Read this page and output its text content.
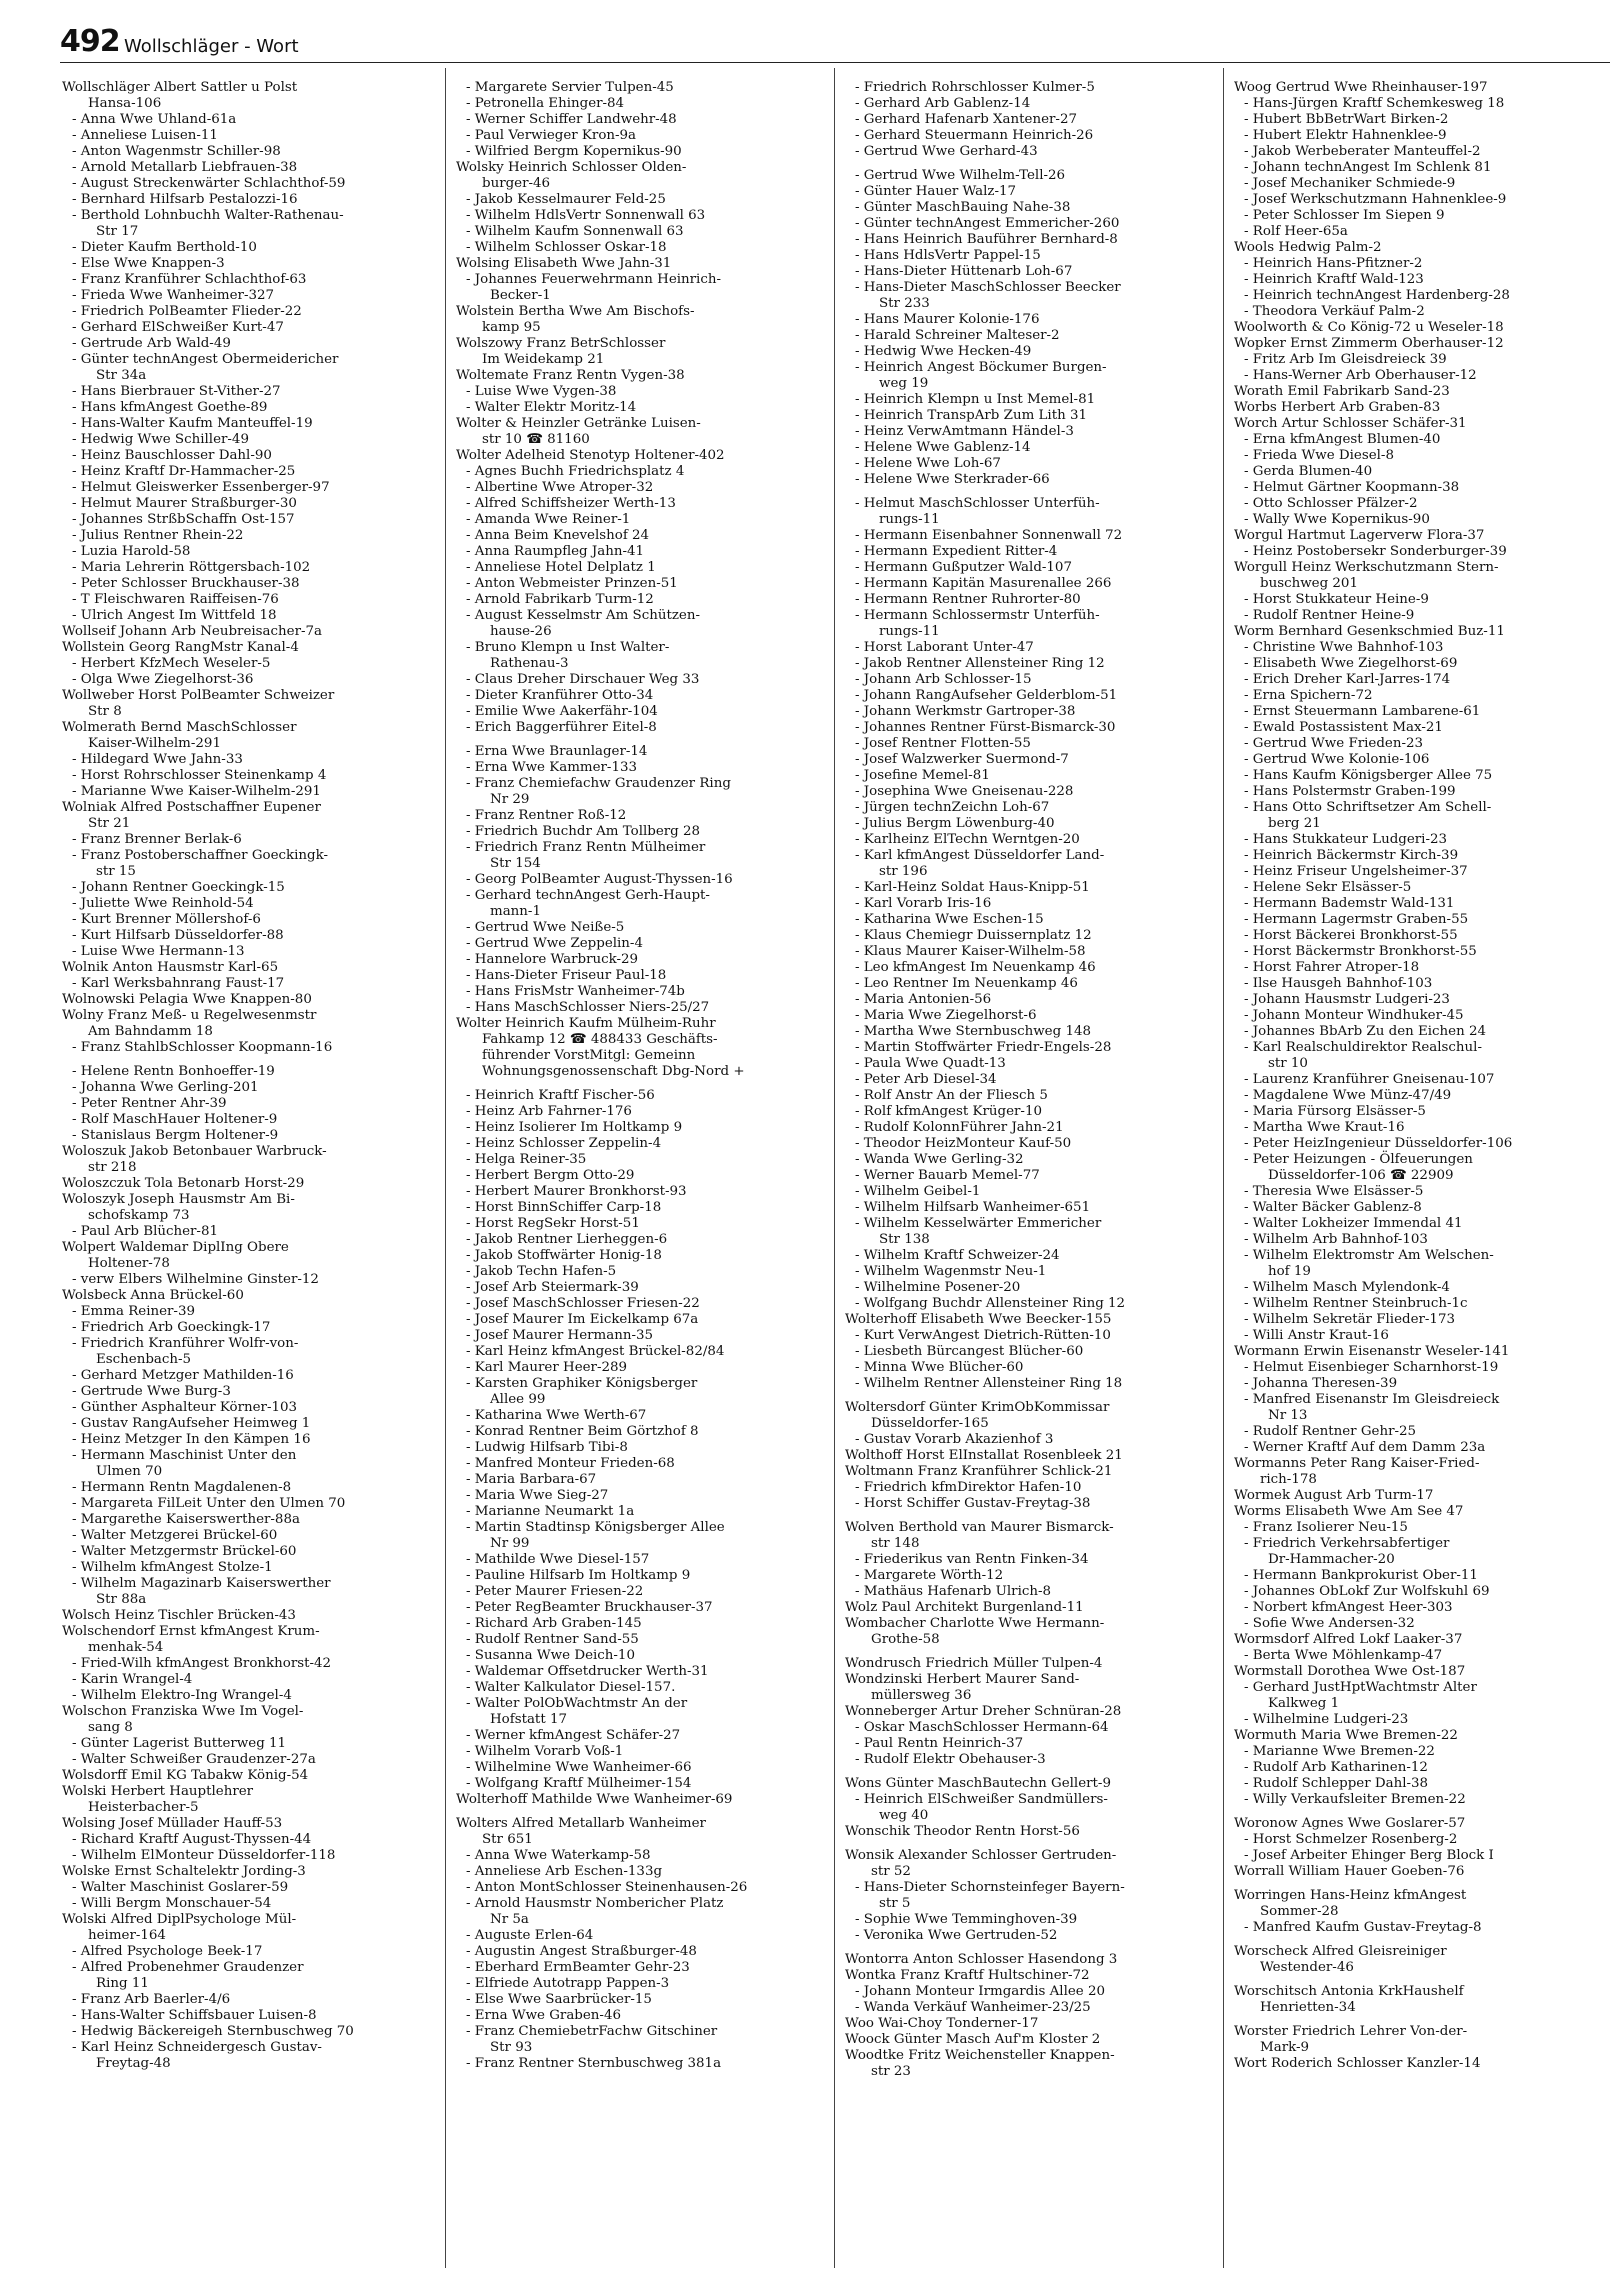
492 Wollschläger - Wort
Wollschläger Albert Sattler u Polst
Hansa-106
- Anna Wwe Uhland-61a
- Anneliese Luisen-11
- Anton Wagenmstr Schiller-98
- Arnold Metallarb Liebfrauen-38
- August Streckenwärter Schlachthof-59
- Bernhard Hilfsarb Pestalozzi-16
- Berthold Lohnbuchh Walter-Rathenau-
Str 17
- Dieter Kaufm Berthold-10
- Else Wwe Knappen-3
- Franz Kranführer Schlachthof-63
- Frieda Wwe Wanheimer-327
- Friedrich PolBeamter Flieder-22
- Gerhard ElSchweißer Kurt-47
- Gertrude Arb Wald-49
- Günter technAngest Obermeidericher
Str 34a
- Hans Bierbrauer St-Vither-27
- Hans kfmAngest Goethe-89
- Hans-Walter Kaufm Manteuffel-19
- Hedwig Wwe Schiller-49
- Heinz Bauschlosser Dahl-90
- Heinz Kraftf Dr-Hammacher-25
- Helmut Gleiswerker Essenberger-97
- Helmut Maurer Straßburger-30
- Johannes StrßbSchaffn Ost-157
- Julius Rentner Rhein-22
- Luzia Harold-58
- Maria Lehrerin Röttgersbach-102
- Peter Schlosser Bruckhauser-38
- T Fleischwaren Raiffeisen-76
- Ulrich Angest Im Wittfeld 18
Wollseif Johann Arb Neubreisacher-7a
Wollstein Georg RangMstr Kanal-4
- Herbert KfzMech Weseler-5
- Olga Wwe Ziegelhorst-36
Wollweber Horst PolBeamter Schweizer
Str 8
Wolmerath Bernd MaschSchlosser
Kaiser-Wilhelm-291
- Hildegard Wwe Jahn-33
- Horst Rohrschlosser Steinenkamp 4
- Marianne Wwe Kaiser-Wilhelm-291
Wolniak Alfred Postschaffner Eupener
Str 21
- Franz Brenner Berlak-6
- Franz Postoberschaffner Goeckingk-
str 15
- Johann Rentner Goeckingk-15
- Juliette Wwe Reinhold-54
- Kurt Brenner Möllershof-6
- Kurt Hilfsarb Düsseldorfer-88
- Luise Wwe Hermann-13
Wolnik Anton Hausmstr Karl-65
- Karl Werksbahnrang Faust-17
Wolnowski Pelagia Wwe Knappen-80
Wolny Franz Meß- u Regelwesenmstr
Am Bahndamm 18
- Franz StahlbSchlosser Koopmann-16
- Helene Rentn Bonhoeffer-19
- Johanna Wwe Gerling-201
- Peter Rentner Ahr-39
- Rolf MaschHauer Holtener-9
- Stanislaus Bergm Holtener-9
Woloszuk Jakob Betonbauer Warbruck-
str 218
Woloszczuk Tola Betonarb Horst-29
Woloszyk Joseph Hausmstr Am Bi-
schofskamp 73
- Paul Arb Blücher-81
Wolpert Waldemar DiplIng Obere
Holtener-78
- verw Elbers Wilhelmine Ginster-12
Wolsbeck Anna Brückel-60
- Emma Reiner-39
- Friedrich Arb Goeckingk-17
- Friedrich Kranführer Wolfr-von-
Eschenbach-5
- Gerhard Metzger Mathilden-16
- Gertrude Wwe Burg-3
- Günther Asphalteur Körner-103
- Gustav RangAufseher Heimweg 1
- Heinz Metzger In den Kämpen 16
- Hermann Maschinist Unter den
Ulmen 70
- Hermann Rentn Magdalenen-8
- Margareta FilLeit Unter den Ulmen 70
- Margarethe Kaiserswerther-88a
- Walter Metzgerei Brückel-60
- Walter Metzgermstr Brückel-60
- Wilhelm kfmAngest Stolze-1
- Wilhelm Magazinarb Kaiserswerther
Str 88a
Wolsch Heinz Tischler Brücken-43
Wolschendorf Ernst kfmAngest Krum-
menhak-54
- Fried-Wilh kfmAngest Bronkhorst-42
- Karin Wrangel-4
- Wilhelm Elektro-Ing Wrangel-4
Wolschon Franziska Wwe Im Vogel-
sang 8
- Günter Lagerist Butterweg 11
- Walter Schweißer Graudenzer-27a
Wolsdorff Emil KG Tabakw König-54
Wolski Herbert Hauptlehrer
Heisterbacher-5
Wolsing Josef Müllader Hauff-53
- Richard Kraftf August-Thyssen-44
- Wilhelm ElMonteur Düsseldorfer-118
Wolske Ernst Schaltelektr Jording-3
- Walter Maschinist Goslarer-59
- Willi Bergm Monschauer-54
Wolski Alfred DiplPsychologe Mül-
heimer-164
- Alfred Psychologe Beek-17
- Alfred Probenehmer Graudenzer
Ring 11
- Franz Arb Baerler-4/6
- Hans-Walter Schiffsbauer Luisen-8
- Hedwig Bäckereigeh Sternbuschweg 70
- Karl Heinz Schneidergesch Gustav-
Freytag-48
- Margarete Servier Tulpen-45
- Petronella Ehinger-84
- Werner Schiffer Landwehr-48
- Paul Verwieger Kron-9a
- Wilfried Bergm Kopernikus-90
Wolsky Heinrich Schlosser Olden-
burger-46
- Jakob Kesselmaurer Feld-25
- Wilhelm HdlsVertr Sonnenwall 63
- Wilhelm Kaufm Sonnenwall 63
- Wilhelm Schlosser Oskar-18
Wolsing Elisabeth Wwe Jahn-31
- Johannes Feuerwehrmann Heinrich-
Becker-1
Wolstein Bertha Wwe Am Bischofs-
kamp 95
Wolszowy Franz BetrSchlosser
Im Weidekamp 21
Woltemate Franz Rentn Vygen-38
- Luise Wwe Vygen-38
- Walter Elektr Moritz-14
Wolter & Heinzler Getränke Luisen-
str 10 ☎ 81160
Wolter Adelheid Stenotyp Holtener-402
- Agnes Buchh Friedrichsplatz 4
- Albertine Wwe Atroper-32
- Alfred Schiffsheizer Werth-13
- Amanda Wwe Reiner-1
- Anna Beim Knevelshof 24
- Anna Raumpfleg Jahn-41
- Anneliese Hotel Delplatz 1
- Anton Webmeister Prinzen-51
- Arnold Fabrikarb Turm-12
- August Kesselmstr Am Schützen-
hause-26
- Bruno Klempn u Inst Walter-
Rathenau-3
- Claus Dreher Dirschauer Weg 33
- Dieter Kranführer Otto-34
- Emilie Wwe Aakerfähr-104
- Erich Baggerführer Eitel-8
- Erna Wwe Braunlager-14
- Erna Wwe Kammer-133
- Franz Chemiefachw Graudenzer Ring
Nr 29
- Franz Rentner Roß-12
- Friedrich Buchdr Am Tollberg 28
- Friedrich Franz Rentn Mülheimer
Str 154
- Georg PolBeamter August-Thyssen-16
- Gerhard technAngest Gerh-Haupt-
mann-1
- Gertrud Wwe Neiße-5
- Gertrud Wwe Zeppelin-4
- Hannelore Warbruck-29
- Hans-Dieter Friseur Paul-18
- Hans FrisMstr Wanheimer-74b
- Hans MaschSchlosser Niers-25/27
Wolter Heinrich Kaufm Mülheim-Ruhr
Fahkamp 12 ☎ 488433 Geschäfts-
führender VorstMitgl: Gemeinn
Wohnungsgenossenschaft Dbg-Nord +
- Heinrich Kraftf Fischer-56
- Heinz Arb Fahrner-176
- Heinz Isolierer Im Holtkamp 9
- Heinz Schlosser Zeppelin-4
- Helga Reiner-35
- Herbert Bergm Otto-29
- Herbert Maurer Bronkhorst-93
- Horst BinnSchiffer Carp-18
- Horst RegSekr Horst-51
- Jakob Rentner Lierheggen-6
- Jakob Stoffwärter Honig-18
- Jakob Techn Hafen-5
- Josef Arb Steiermark-39
- Josef MaschSchlosser Friesen-22
- Josef Maurer Im Eickelkamp 67a
- Josef Maurer Hermann-35
- Karl Heinz kfmAngest Brückel-82/84
- Karl Maurer Heer-289
- Karsten Graphiker Königsberger
Allee 99
- Katharina Wwe Werth-67
- Konrad Rentner Beim Görtzhof 8
- Ludwig Hilfsarb Tibi-8
- Manfred Monteur Frieden-68
- Maria Barbara-67
- Maria Wwe Sieg-27
- Marianne Neumarkt 1a
- Martin Stadtinsp Königsberger Allee
Nr 99
- Mathilde Wwe Diesel-157
- Pauline Hilfsarb Im Holtkamp 9
- Peter Maurer Friesen-22
- Peter RegBeamter Bruckhauser-37
- Richard Arb Graben-145
- Rudolf Rentner Sand-55
- Susanna Wwe Deich-10
- Waldemar Offsetdrucker Werth-31
- Walter Kalkulator Diesel-157.
- Walter PolObWachtmstr An der
Hofstatt 17
- Werner kfmAngest Schäfer-27
- Wilhelm Vorarb Voß-1
- Wilhelmine Wwe Wanheimer-66
- Wolfgang Kraftf Mülheimer-154
Wolterhoff Mathilde Wwe Wanheimer-69
Wolters Alfred Metallarb Wanheimer
Str 651
- Anna Wwe Waterkamp-58
- Anneliese Arb Eschen-133g
- Anton MontSchlosser Steinenhausen-26
- Arnold Hausmstr Nombericher Platz
Nr 5a
- Auguste Erlen-64
- Augustin Angest Straßburger-48
- Eberhard ErmBeamter Gehr-23
- Elfriede Autotrapp Pappen-3
- Else Wwe Saarbrücker-15
- Erna Wwe Graben-46
- Franz ChemiebetrFachw Gitschiner
Str 93
- Franz Rentner Sternbuschweg 381a
- Friedrich Rohrschlosser Kulmer-5
- Gerhard Arb Gablenz-14
- Gerhard Hafenarb Xantener-27
- Gerhard Steuermann Heinrich-26
- Gertrud Wwe Gerhard-43
- Gertrud Wwe Wilhelm-Tell-26
- Günter Hauer Walz-17
- Günter MaschBauing Nahe-38
- Günter technAngest Emmericher-260
- Hans Heinrich Bauführer Bernhard-8
- Hans HdlsVertr Pappel-15
- Hans-Dieter Hüttenarb Loh-67
- Hans-Dieter MaschSchlosser Beecker
Str 233
- Hans Maurer Kolonie-176
- Harald Schreiner Malteser-2
- Hedwig Wwe Hecken-49
- Heinrich Angest Böckumer Burgen-
weg 19
- Heinrich Klempn u Inst Memel-81
- Heinrich TranspArb Zum Lith 31
- Heinz VerwAmtmann Händel-3
- Helene Wwe Gablenz-14
- Helene Wwe Loh-67
- Helene Wwe Sterkrader-66
- Helmut MaschSchlosser Unterfüh-
rungs-11
- Hermann Eisenbahner Sonnenwall 72
- Hermann Expedient Ritter-4
- Hermann Gußputzer Wald-107
- Hermann Kapitän Masurenallee 266
- Hermann Rentner Ruhrorter-80
- Hermann Schlossermstr Unterfüh-
rungs-11
- Horst Laborant Unter-47
- Jakob Rentner Allensteiner Ring 12
- Johann Arb Schlosser-15
- Johann RangAufseher Gelderblom-51
- Johann Werkmstr Gartroper-38
- Johannes Rentner Fürst-Bismarck-30
- Josef Rentner Flotten-55
- Josef Walzwerker Suermond-7
- Josefine Memel-81
- Josephina Wwe Gneisenau-228
- Jürgen technZeichn Loh-67
- Julius Bergm Löwenburg-40
- Karlheinz ElTechn Werntgen-20
- Karl kfmAngest Düsseldorfer Land-
str 196
- Karl-Heinz Soldat Haus-Knipp-51
- Karl Vorarb Iris-16
- Katharina Wwe Eschen-15
- Klaus Chemiegr Duissernplatz 12
- Klaus Maurer Kaiser-Wilhelm-58
- Leo kfmAngest Im Neuenkamp 46
- Leo Rentner Im Neuenkamp 46
- Maria Antonien-56
- Maria Wwe Ziegelhorst-6
- Martha Wwe Sternbuschweg 148
- Martin Stoffwärter Friedr-Engels-28
- Paula Wwe Quadt-13
- Peter Arb Diesel-34
- Rolf Anstr An der Fliesch 5
- Rolf kfmAngest Krüger-10
- Rudolf KolonnFührer Jahn-21
- Theodor HeizMonteur Kauf-50
- Wanda Wwe Gerling-32
- Werner Bauarb Memel-77
- Wilhelm Geibel-1
- Wilhelm Hilfsarb Wanheimer-651
- Wilhelm Kesselwärter Emmericher
Str 138
- Wilhelm Kraftf Schweizer-24
- Wilhelm Wagenmstr Neu-1
- Wilhelmine Posener-20
- Wolfgang Buchdr Allensteiner Ring 12
Wolterhoff Elisabeth Wwe Beecker-155
- Kurt VerwAngest Dietrich-Rütten-10
- Liesbeth Bürcangest Blücher-60
- Minna Wwe Blücher-60
- Wilhelm Rentner Allensteiner Ring 18
Woltersdorf Günter KrimObKommissar
Düsseldorfer-165
- Gustav Vorarb Akazienhof 3
Wolthoff Horst ElInstallat Rosenbleek 21
Woltmann Franz Kranführer Schlick-21
- Friedrich kfmDirektor Hafen-10
- Horst Schiffer Gustav-Freytag-38
Wolven Berthold van Maurer Bismarck-
str 148
- Friederikus van Rentn Finken-34
- Margarete Wörth-12
- Mathäus Hafenarb Ulrich-8
Wolz Paul Architekt Burgenland-11
Wombacher Charlotte Wwe Hermann-
Grothe-58
Wondrusch Friedrich Müller Tulpen-4
Wondzinski Herbert Maurer Sand-
müllersweg 36
Wonneberger Artur Dreher Schnüran-28
- Oskar MaschSchlosser Hermann-64
- Paul Rentn Heinrich-37
- Rudolf Elektr Obehauser-3
Wons Günter MaschBautechn Gellert-9
- Heinrich ElSchweißer Sandmüllers-
weg 40
Wonschik Theodor Rentn Horst-56
Wonsik Alexander Schlosser Gertruden-
str 52
- Hans-Dieter Schornsteinfeger Bayern-
str 5
- Sophie Wwe Temminghoven-39
- Veronika Wwe Gertruden-52
Wontorra Anton Schlosser Hasendong 3
Wontka Franz Kraftf Hultschiner-72
- Johann Monteur Irmgardis Allee 20
- Wanda Verkäuf Wanheimer-23/25
Woo Wai-Choy Tonderner-17
Woock Günter Masch Auf'm Kloster 2
Woodtke Fritz Weichensteller Knappen-
str 23
Woog Gertrud Wwe Rheinhauser-197
- Hans-Jürgen Kraftf Schemkesweg 18
- Hubert BbBetrWart Birken-2
- Hubert Elektr Hahnenklee-9
- Jakob Werbeberater Manteuffel-2
- Johann technAngest Im Schlenk 81
- Josef Mechaniker Schmiede-9
- Josef Werkschutzmann Hahnenklee-9
- Peter Schlosser Im Siepen 9
- Rolf Heer-65a
Wools Hedwig Palm-2
- Heinrich Hans-Pfitzner-2
- Heinrich Kraftf Wald-123
- Heinrich technAngest Hardenberg-28
- Theodora Verkäuf Palm-2
Woolworth & Co König-72 u Weseler-18
Wopker Ernst Zimmerm Oberhauser-12
- Fritz Arb Im Gleisdreieck 39
- Hans-Werner Arb Oberhauser-12
Worath Emil Fabrikarb Sand-23
Worbs Herbert Arb Graben-83
Worch Artur Schlosser Schäfer-31
- Erna kfmAngest Blumen-40
- Frieda Wwe Diesel-8
- Gerda Blumen-40
- Helmut Gärtner Koopmann-38
- Otto Schlosser Pfälzer-2
- Wally Wwe Kopernikus-90
Worgul Hartmut Lagerverw Flora-37
- Heinz Postobersekr Sonderburger-39
Worgull Heinz Werkschutzmann Stern-
buschweg 201
- Horst Stukkateur Heine-9
- Rudolf Rentner Heine-9
Worm Bernhard Gesenkschmied Buz-11
- Christine Wwe Bahnhof-103
- Elisabeth Wwe Ziegelhorst-69
- Erich Dreher Karl-Jarres-174
- Erna Spichern-72
- Ernst Steuermann Lambarene-61
- Ewald Postassistent Max-21
- Gertrud Wwe Frieden-23
- Gertrud Wwe Kolonie-106
- Hans Kaufm Königsberger Allee 75
- Hans Polstermstr Graben-199
- Hans Otto Schriftsetzer Am Schell-
berg 21
- Hans Stukkateur Ludgeri-23
- Heinrich Bäckermstr Kirch-39
- Heinz Friseur Ungelsheimer-37
- Helene Sekr Elsässer-5
- Hermann Bademstr Wald-131
- Hermann Lagermstr Graben-55
- Horst Bäckerei Bronkhorst-55
- Horst Bäckermstr Bronkhorst-55
- Horst Fahrer Atroper-18
- Ilse Hausgeh Bahnhof-103
- Johann Hausmstr Ludgeri-23
- Johann Monteur Windhuker-45
- Johannes BbArb Zu den Eichen 24
- Karl Realschuldirektor Realschul-
str 10
- Laurenz Kranführer Gneisenau-107
- Magdalene Wwe Münz-47/49
- Maria Fürsorg Elsässer-5
- Martha Wwe Kraut-16
- Peter HeizIngenieur Düsseldorfer-106
- Peter Heizungen - Ölfeuerungen
Düsseldorfer-106 ☎ 22909
- Theresia Wwe Elsässer-5
- Walter Bäcker Gablenz-8
- Walter Lokheizer Immendal 41
- Wilhelm Arb Bahnhof-103
- Wilhelm Elektromstr Am Welschen-
hof 19
- Wilhelm Masch Mylendonk-4
- Wilhelm Rentner Steinbruch-1c
- Wilhelm Sekretär Flieder-173
- Willi Anstr Kraut-16
Wormann Erwin Eisenanstr Weseler-141
- Helmut Eisenbieger Scharnhorst-19
- Johanna Theresen-39
- Manfred Eisenanstr Im Gleisdreieck
Nr 13
- Rudolf Rentner Gehr-25
- Werner Kraftf Auf dem Damm 23a
Wormanns Peter Rang Kaiser-Fried-
rich-178
Wormek August Arb Turm-17
Worms Elisabeth Wwe Am See 47
- Franz Isolierer Neu-15
- Friedrich Verkehrsabfertiger
Dr-Hammacher-20
- Hermann Bankprokurist Ober-11
- Johannes ObLokf Zur Wolfskuhl 69
- Norbert kfmAngest Heer-303
- Sofie Wwe Andersen-32
Wormsdorf Alfred Lokf Laaker-37
- Berta Wwe Möhlenkamp-47
Wormstall Dorothea Wwe Ost-187
- Gerhard JustHptWachtmstr Alter
Kalkweg 1
- Wilhelmine Ludgeri-23
Wormuth Maria Wwe Bremen-22
- Marianne Wwe Bremen-22
- Rudolf Arb Katharinen-12
- Rudolf Schlepper Dahl-38
- Willy Verkaufsleiter Bremen-22
Woronow Agnes Wwe Goslarer-57
- Horst Schmelzer Rosenberg-2
- Josef Arbeiter Ehinger Berg Block I
Worrall William Hauer Goeben-76
Worringen Hans-Heinz kfmAngest
Sommer-28
- Manfred Kaufm Gustav-Freytag-8
Worscheck Alfred Gleisreiniger
Westender-46
Worschitsch Antonia KrkHaushelf
Henrietten-34
Worster Friedrich Lehrer Von-der-
Mark-9
Wort Roderich Schlosser Kanzler-14
